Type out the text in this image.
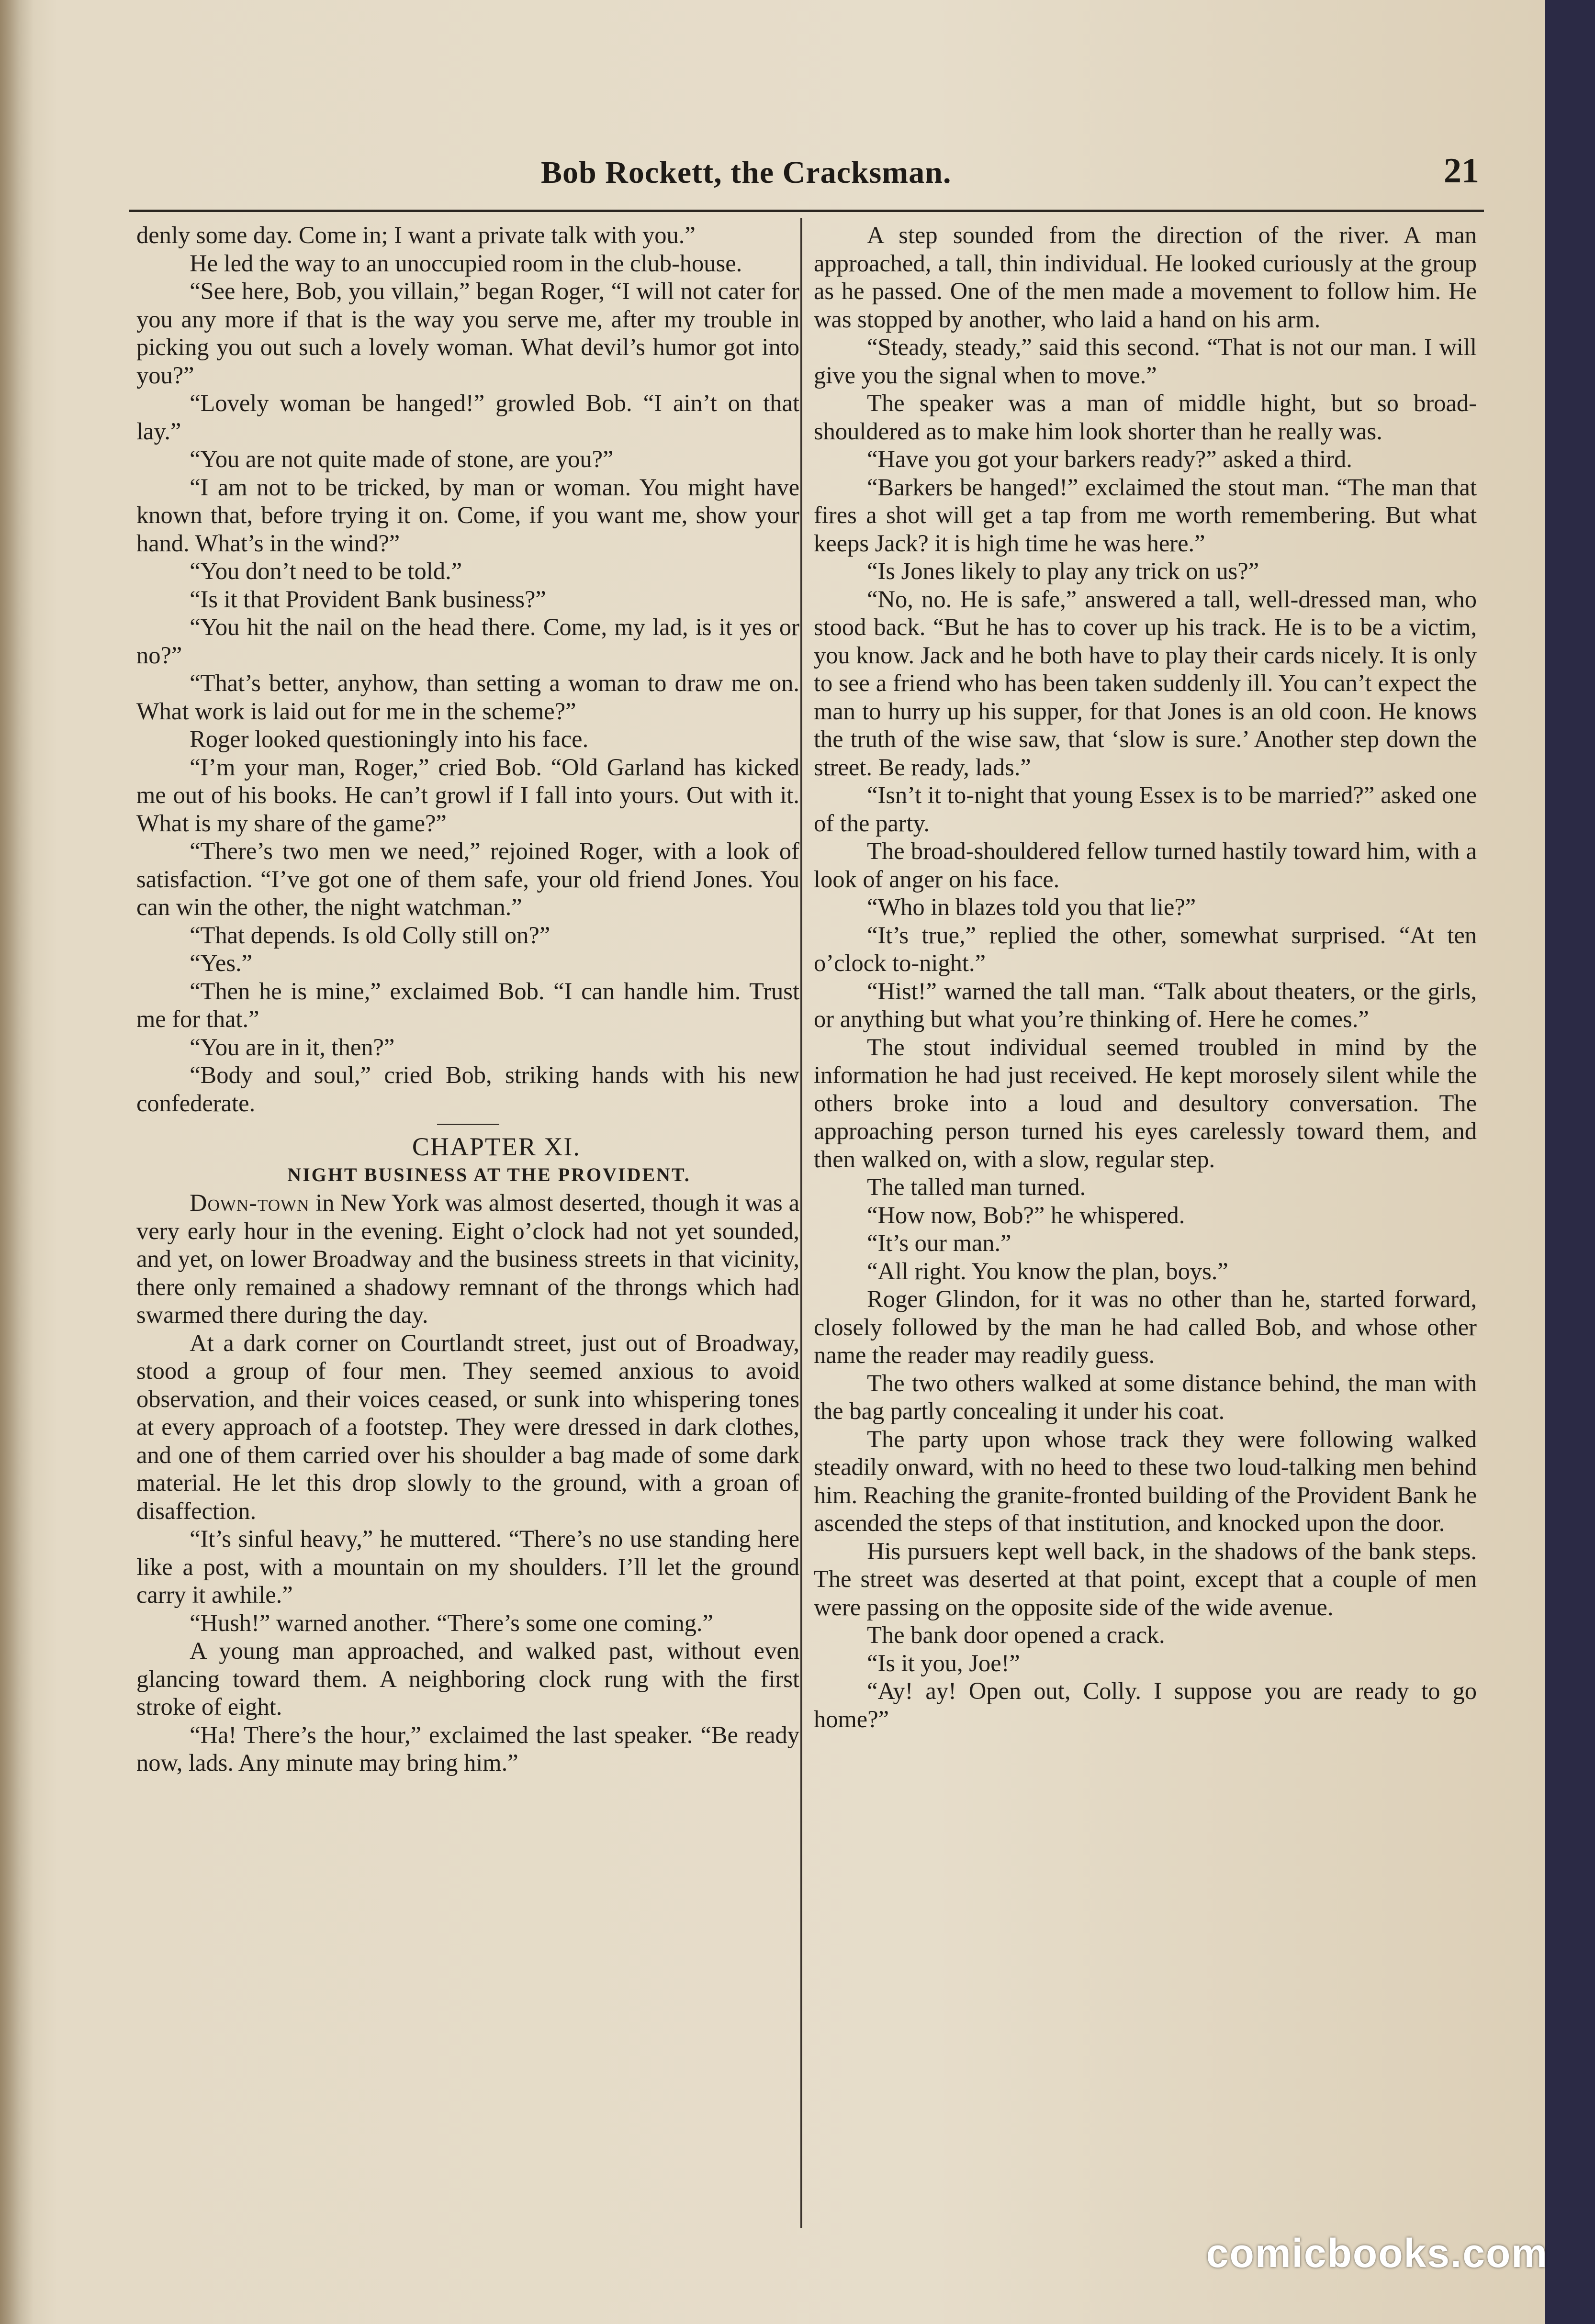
Bob Rockett, the Cracksman.	21

denly some day. Come in; I want a private talk with you.”

He led the way to an unoccupied room in the club-house.

“See here, Bob, you villain,” began Roger, “I will not cater for you any more if that is the way you serve me, after my trouble in picking you out such a lovely woman. What devil’s humor got into you?”

“Lovely woman be hanged!” growled Bob. “I ain’t on that lay.”

“You are not quite made of stone, are you?”

“I am not to be tricked, by man or woman. You might have known that, before trying it on. Come, if you want me, show your hand. What’s in the wind?”

“You don’t need to be told.”

“Is it that Provident Bank business?”

“You hit the nail on the head there. Come, my lad, is it yes or no?”

“That’s better, anyhow, than setting a woman to draw me on. What work is laid out for me in the scheme?”

Roger looked questioningly into his face.

“I’m your man, Roger,” cried Bob. “Old Garland has kicked me out of his books. He can’t growl if I fall into yours. Out with it. What is my share of the game?”

“There’s two men we need,” rejoined Roger, with a look of satisfaction. “I’ve got one of them safe, your old friend Jones. You can win the other, the night watchman.”

“That depends. Is old Colly still on?”

“Yes.”

“Then he is mine,” exclaimed Bob. “I can handle him. Trust me for that.”

“You are in it, then?”

“Body and soul,” cried Bob, striking hands with his new confederate.

CHAPTER XI.

NIGHT BUSINESS AT THE PROVIDENT.

Down-town in New York was almost deserted, though it was a very early hour in the evening. Eight o’clock had not yet sounded, and yet, on lower Broadway and the business streets in that vicinity, there only remained a shadowy remnant of the throngs which had swarmed there during the day.

At a dark corner on Courtlandt street, just out of Broadway, stood a group of four men. They seemed anxious to avoid observation, and their voices ceased, or sunk into whispering tones at every approach of a footstep. They were dressed in dark clothes, and one of them carried over his shoulder a bag made of some dark material. He let this drop slowly to the ground, with a groan of disaffection.

“It’s sinful heavy,” he muttered. “There’s no use standing here like a post, with a mountain on my shoulders. I’ll let the ground carry it awhile.”

“Hush!” warned another. “There’s some one coming.”

A young man approached, and walked past, without even glancing toward them. A neighboring clock rung with the first stroke of eight.

“Ha! There’s the hour,” exclaimed the last speaker. “Be ready now, lads. Any minute may bring him.”

A step sounded from the direction of the river. A man approached, a tall, thin individual. He looked curiously at the group as he passed. One of the men made a movement to follow him. He was stopped by another, who laid a hand on his arm.

“Steady, steady,” said this second. “That is not our man. I will give you the signal when to move.”

The speaker was a man of middle hight, but so broad-shouldered as to make him look shorter than he really was.

“Have you got your barkers ready?” asked a third.

“Barkers be hanged!” exclaimed the stout man. “The man that fires a shot will get a tap from me worth remembering. But what keeps Jack? it is high time he was here.”

“Is Jones likely to play any trick on us?”

“No, no. He is safe,” answered a tall, well-dressed man, who stood back. “But he has to cover up his track. He is to be a victim, you know. Jack and he both have to play their cards nicely. It is only to see a friend who has been taken suddenly ill. You can’t expect the man to hurry up his supper, for that Jones is an old coon. He knows the truth of the wise saw, that ‘slow is sure.’ Another step down the street. Be ready, lads.”

“Isn’t it to-night that young Essex is to be married?” asked one of the party.

The broad-shouldered fellow turned hastily toward him, with a look of anger on his face.

“Who in blazes told you that lie?”

“It’s true,” replied the other, somewhat surprised. “At ten o’clock to-night.”

“Hist!” warned the tall man. “Talk about theaters, or the girls, or anything but what you’re thinking of. Here he comes.”

The stout individual seemed troubled in mind by the information he had just received. He kept morosely silent while the others broke into a loud and desultory conversation. The approaching person turned his eyes carelessly toward them, and then walked on, with a slow, regular step.

The talled man turned.

“How now, Bob?” he whispered.

“It’s our man.”

“All right. You know the plan, boys.”

Roger Glindon, for it was no other than he, started forward, closely followed by the man he had called Bob, and whose other name the reader may readily guess.

The two others walked at some distance behind, the man with the bag partly concealing it under his coat.

The party upon whose track they were following walked steadily onward, with no heed to these two loud-talking men behind him. Reaching the granite-fronted building of the Provident Bank he ascended the steps of that institution, and knocked upon the door.

His pursuers kept well back, in the shadows of the bank steps. The street was deserted at that point, except that a couple of men were passing on the opposite side of the wide avenue.

The bank door opened a crack.

“Is it you, Joe!”

“Ay! ay! Open out, Colly. I suppose you are ready to go home?”

comicbooks.com
